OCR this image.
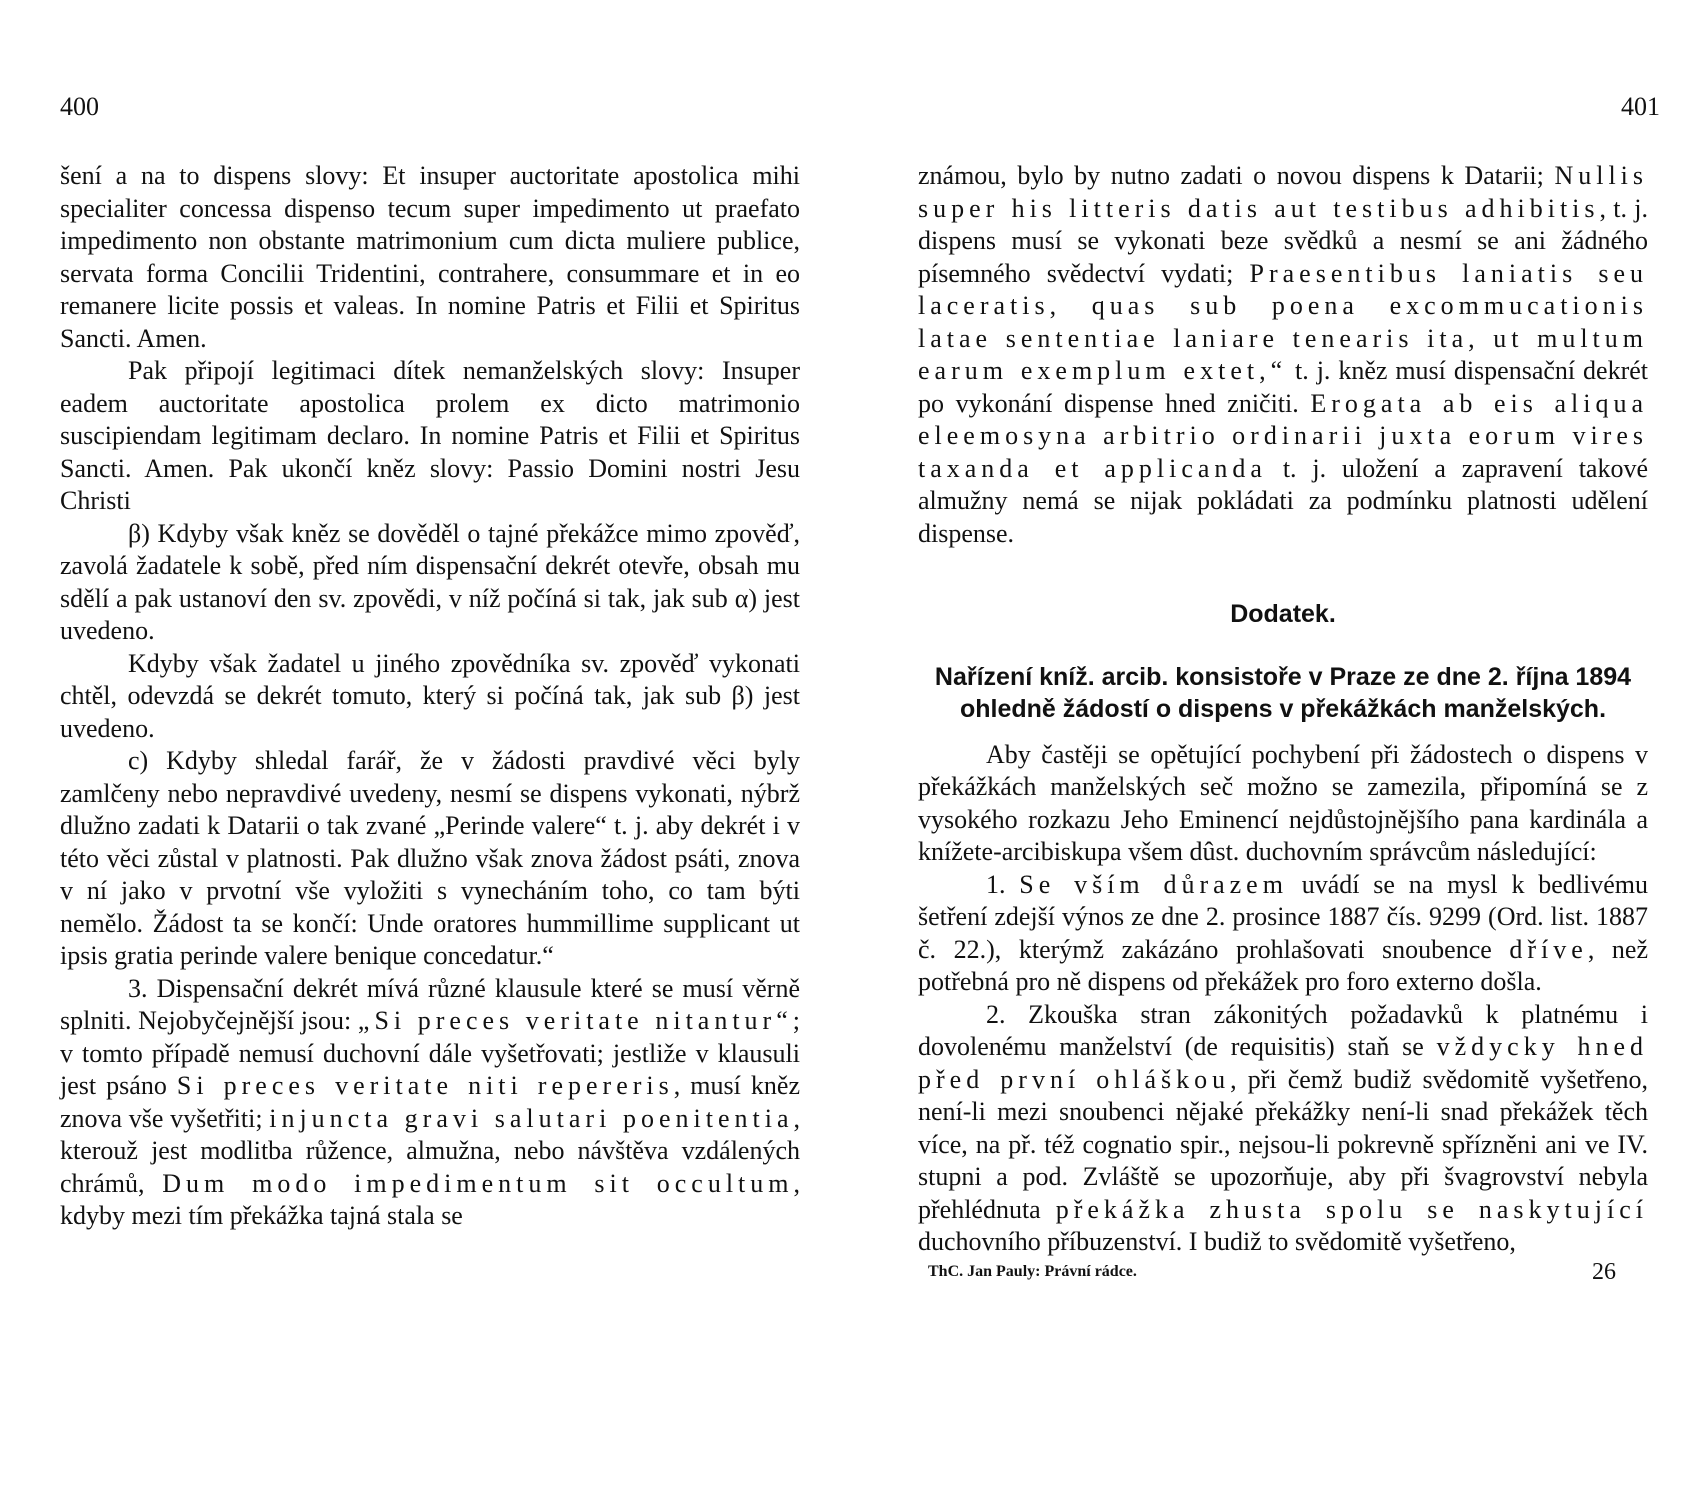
400	401

šení a na to dispens slovy: Et insuper auctoritate apostolica mihi specialiter concessa dispenso tecum super impedimento ut praefato impedimento non obstante matrimonium cum dicta muliere publice, servata forma Concilii Tridentini, contrahere, consummare et in eo remanere licite possis et valeas. In nomine Patris et Filii et Spiritus Sancti. Amen.

Pak připojí legitimaci dítek nemanželských slovy: Insuper eadem auctoritate apostolica prolem ex dicto matrimonio suscipiendam legitimam declaro. In nomine Patris et Filii et Spiritus Sancti. Amen. Pak ukončí kněz slovy: Passio Domini nostri Jesu Christi

β) Kdyby však kněz se dověděl o tajné překážce mimo zpověď, zavolá žadatele k sobě, před ním dispensační dekrét otevře, obsah mu sdělí a pak ustanoví den sv. zpovědi, v níž počíná si tak, jak sub α) jest uvedeno.

Kdyby však žadatel u jiného zpovědníka sv. zpověď vykonati chtěl, odevzdá se dekrét tomuto, který si počíná tak, jak sub β) jest uvedeno.

c) Kdyby shledal farář, že v žádosti pravdivé věci byly zamlčeny nebo nepravdivé uvedeny, nesmí se dispens vykonati, nýbrž dlužno zadati k Datarii o tak zvané „Perinde valere“ t. j. aby dekrét i v této věci zůstal v platnosti. Pak dlužno však znova žádost psáti, znova v ní jako v prvotní vše vyložiti s vynecháním toho, co tam býti nemělo. Žádost ta se končí: Unde oratores hummillime supplicant ut ipsis gratia perinde valere benique concedatur.“

3. Dispensační dekrét mívá různé klausule které se musí věrně splniti. Nejobyčejnější jsou: „Si preces veritate nitantur“; v tomto případě nemusí duchovní dále vyšetřovati; jestliže v klausuli jest psáno Si preces veritate niti repereris, musí kněz znova vše vyšetřiti; injuncta gravi salutari poenitentia, kterouž jest modlitba růžence, almužna, nebo návštěva vzdálených chrámů, Dum modo impedimentum sit occultum, kdyby mezi tím překážka tajná stala se

známou, bylo by nutno zadati o novou dispens k Datarii; Nullis super his litteris datis aut testibus adhibitis, t. j. dispens musí se vykonati beze svědků a nesmí se ani žádného písemného svědectví vydati; Praesentibus laniatis seu laceratis, quas sub poena excommucationis latae sententiae laniare tenearis ita, ut multum earum exemplum extet,“ t. j. kněz musí dispensační dekrét po vykonání dispense hned zničiti. Erogata ab eis aliqua eleemosyna arbitrio ordinarii juxta eorum vires taxanda et applicanda t. j. uložení a zapravení takové almužny nemá se nijak pokládati za podmínku platnosti udělení dispense.

Dodatek.
Nařízení kníž. arcib. konsistoře v Praze ze dne 2. října 1894
ohledně žádostí o dispens v překážkách manželských.

Aby častěji se opětující pochybení při žádostech o dispens v překážkách manželských seč možno se zamezila, připomíná se z vysokého rozkazu Jeho Eminencí nejdůstojnějšího pana kardinála a knížete-arcibiskupa všem dûst. duchovním správcům následující:

1. Se vším důrazem uvádí se na mysl k bedlivému šetření zdejší výnos ze dne 2. prosince 1887 čís. 9299 (Ord. list. 1887 č. 22.), kterýmž zakázáno prohlašovati snoubence dříve, než potřebná pro ně dispens od překážek pro foro externo došla.

2. Zkouška stran zákonitých požadavků k platnému i dovolenému manželství (de requisitis) staň se vždycky hned před první ohláškou, při čemž budiž svědomitě vyšetřeno, není-li mezi snoubenci nějaké překážky není-li snad překážek těch více, na př. též cognatio spir., nejsou-li pokrevně spřízněni ani ve IV. stupni a pod. Zvláště se upozorňuje, aby při švagrovství nebyla přehlédnuta překážka zhusta spolu se naskytující duchovního příbuzenství. I budiž to svědomitě vyšetřeno,

ThC. Jan Pauly: Právní rádce.	26
